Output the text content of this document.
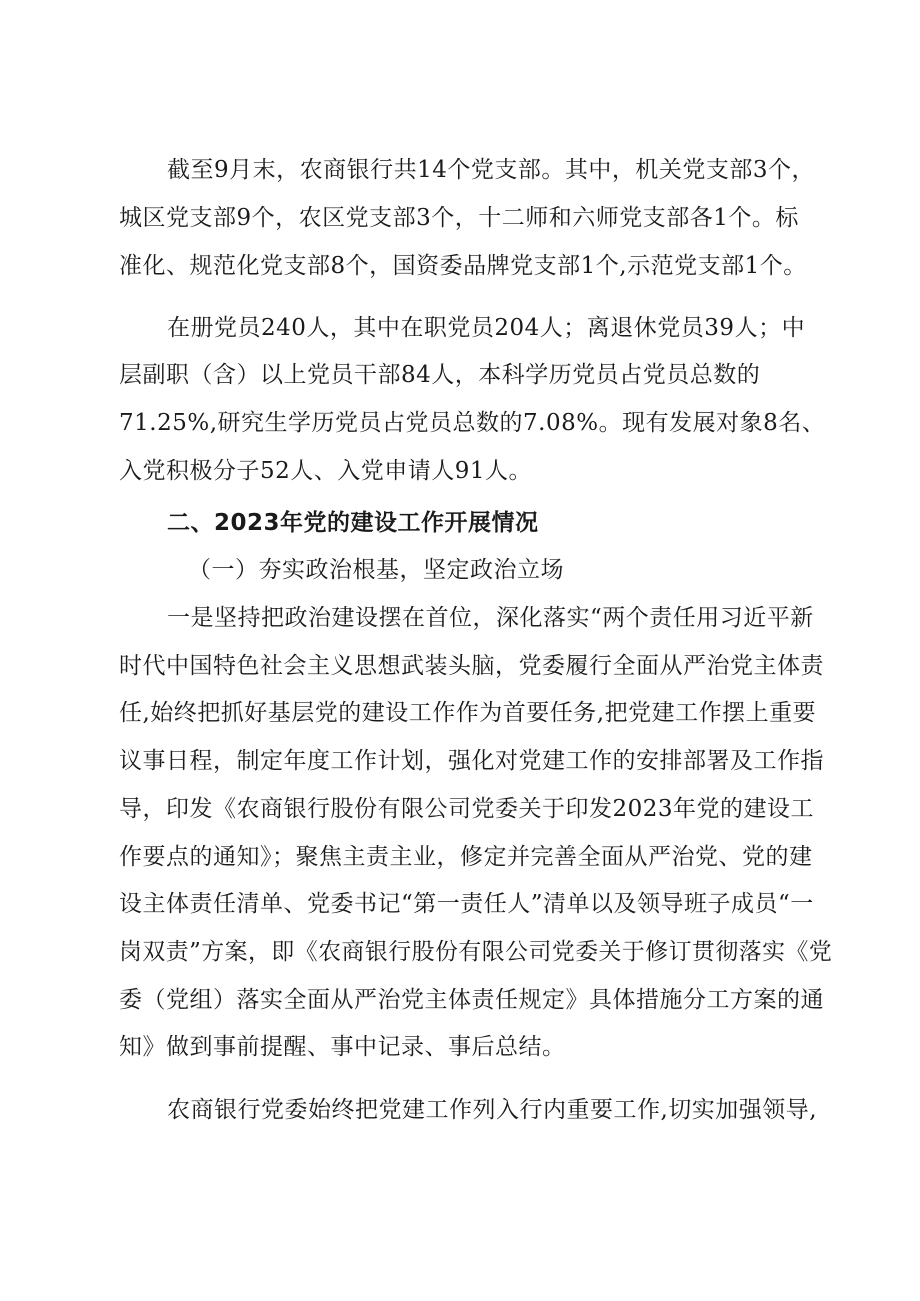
截至9月末，农商银行共14个党支部。其中，机关党支部3个，
城区党支部9个，农区党支部3个，十二师和六师党支部各1个。标
准化、规范化党支部8个，国资委品牌党支部1个,示范党支部1个。
在册党员240人，其中在职党员204人；离退休党员39人；中
层副职（含）以上党员干部84人，本科学历党员占党员总数的
71.25%,研究生学历党员占党员总数的7.08%。现有发展对象8名、
入党积极分子52人、入党申请人91人。
二、2023年党的建设工作开展情况
（一）夯实政治根基，坚定政治立场
一是坚持把政治建设摆在首位，深化落实“两个责任用习近平新
时代中国特色社会主义思想武装头脑，党委履行全面从严治党主体责
任,始终把抓好基层党的建设工作作为首要任务,把党建工作摆上重要
议事日程，制定年度工作计划，强化对党建工作的安排部署及工作指
导，印发《农商银行股份有限公司党委关于印发2023年党的建设工
作要点的通知》；聚焦主责主业，修定并完善全面从严治党、党的建
设主体责任清单、党委书记“第一责任人”清单以及领导班子成员“一
岗双责”方案，即《农商银行股份有限公司党委关于修订贯彻落实《党
委（党组）落实全面从严治党主体责任规定》具体措施分工方案的通
知》做到事前提醒、事中记录、事后总结。
农商银行党委始终把党建工作列入行内重要工作,切实加强领导,
